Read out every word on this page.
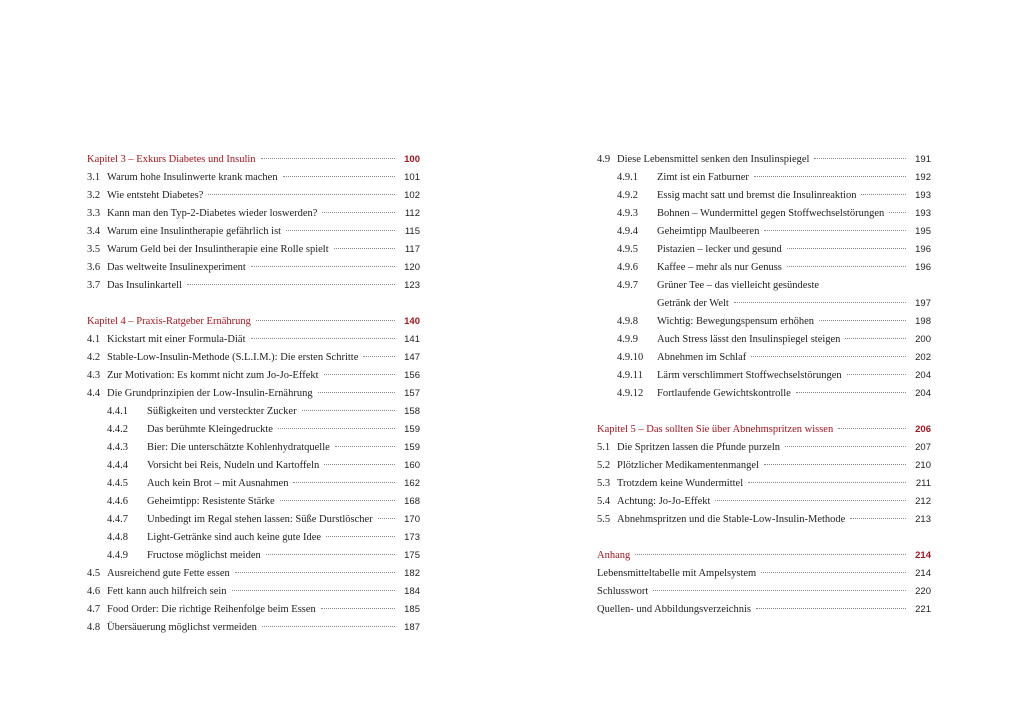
Kapitel 3 – Exkurs Diabetes und Insulin	100
3.1 Warum hohe Insulinwerte krank machen	101
3.2 Wie entsteht Diabetes?	102
3.3 Kann man den Typ-2-Diabetes wieder loswerden?	112
3.4 Warum eine Insulintherapie gefährlich ist	115
3.5 Warum Geld bei der Insulintherapie eine Rolle spielt	117
3.6 Das weltweite Insulinexperiment	120
3.7 Das Insulinkartell	123
Kapitel 4 – Praxis-Ratgeber Ernährung	140
4.1 Kickstart mit einer Formula-Diät	141
4.2 Stable-Low-Insulin-Methode (S.L.I.M.): Die ersten Schritte	147
4.3 Zur Motivation: Es kommt nicht zum Jo-Jo-Effekt	156
4.4 Die Grundprinzipien der Low-Insulin-Ernährung	157
4.4.1	Süßigkeiten und versteckter Zucker	158
4.4.2	Das berühmte Kleingedruckte	159
4.4.3	Bier: Die unterschätzte Kohlenhydratquelle	159
4.4.4	Vorsicht bei Reis, Nudeln und Kartoffeln	160
4.4.5	Auch kein Brot – mit Ausnahmen	162
4.4.6	Geheimtipp: Resistente Stärke	168
4.4.7	Unbedingt im Regal stehen lassen: Süße Durstlöscher	170
4.4.8	Light-Getränke sind auch keine gute Idee	173
4.4.9	Fructose möglichst meiden	175
4.5 Ausreichend gute Fette essen	182
4.6 Fett kann auch hilfreich sein	184
4.7 Food Order: Die richtige Reihenfolge beim Essen	185
4.8 Übersäuerung möglichst vermeiden	187
4.9 Diese Lebensmittel senken den Insulinspiegel	191
4.9.1	Zimt ist ein Fatburner	192
4.9.2	Essig macht satt und bremst die Insulinreaktion	193
4.9.3	Bohnen – Wundermittel gegen Stoffwechselstörungen	193
4.9.4	Geheimtipp Maulbeeren	195
4.9.5	Pistazien – lecker und gesund	196
4.9.6	Kaffee – mehr als nur Genuss	196
4.9.7	Grüner Tee – das vielleicht gesündeste
Getränk der Welt	197
4.9.8	Wichtig: Bewegungspensum erhöhen	198
4.9.9	Auch Stress lässt den Insulinspiegel steigen	200
4.9.10	Abnehmen im Schlaf	202
4.9.11	Lärm verschlimmert Stoffwechselstörungen	204
4.9.12	Fortlaufende Gewichtskontrolle	204
Kapitel 5 – Das sollten Sie über Abnehmspritzen wissen	206
5.1 Die Spritzen lassen die Pfunde purzeln	207
5.2 Plötzlicher Medikamentenmangel	210
5.3 Trotzdem keine Wundermittel	211
5.4 Achtung: Jo-Jo-Effekt	212
5.5 Abnehmspritzen und die Stable-Low-Insulin-Methode	213
Anhang	214
Lebensmitteltabelle mit Ampelsystem	214
Schlusswort	220
Quellen- und Abbildungsverzeichnis	221
